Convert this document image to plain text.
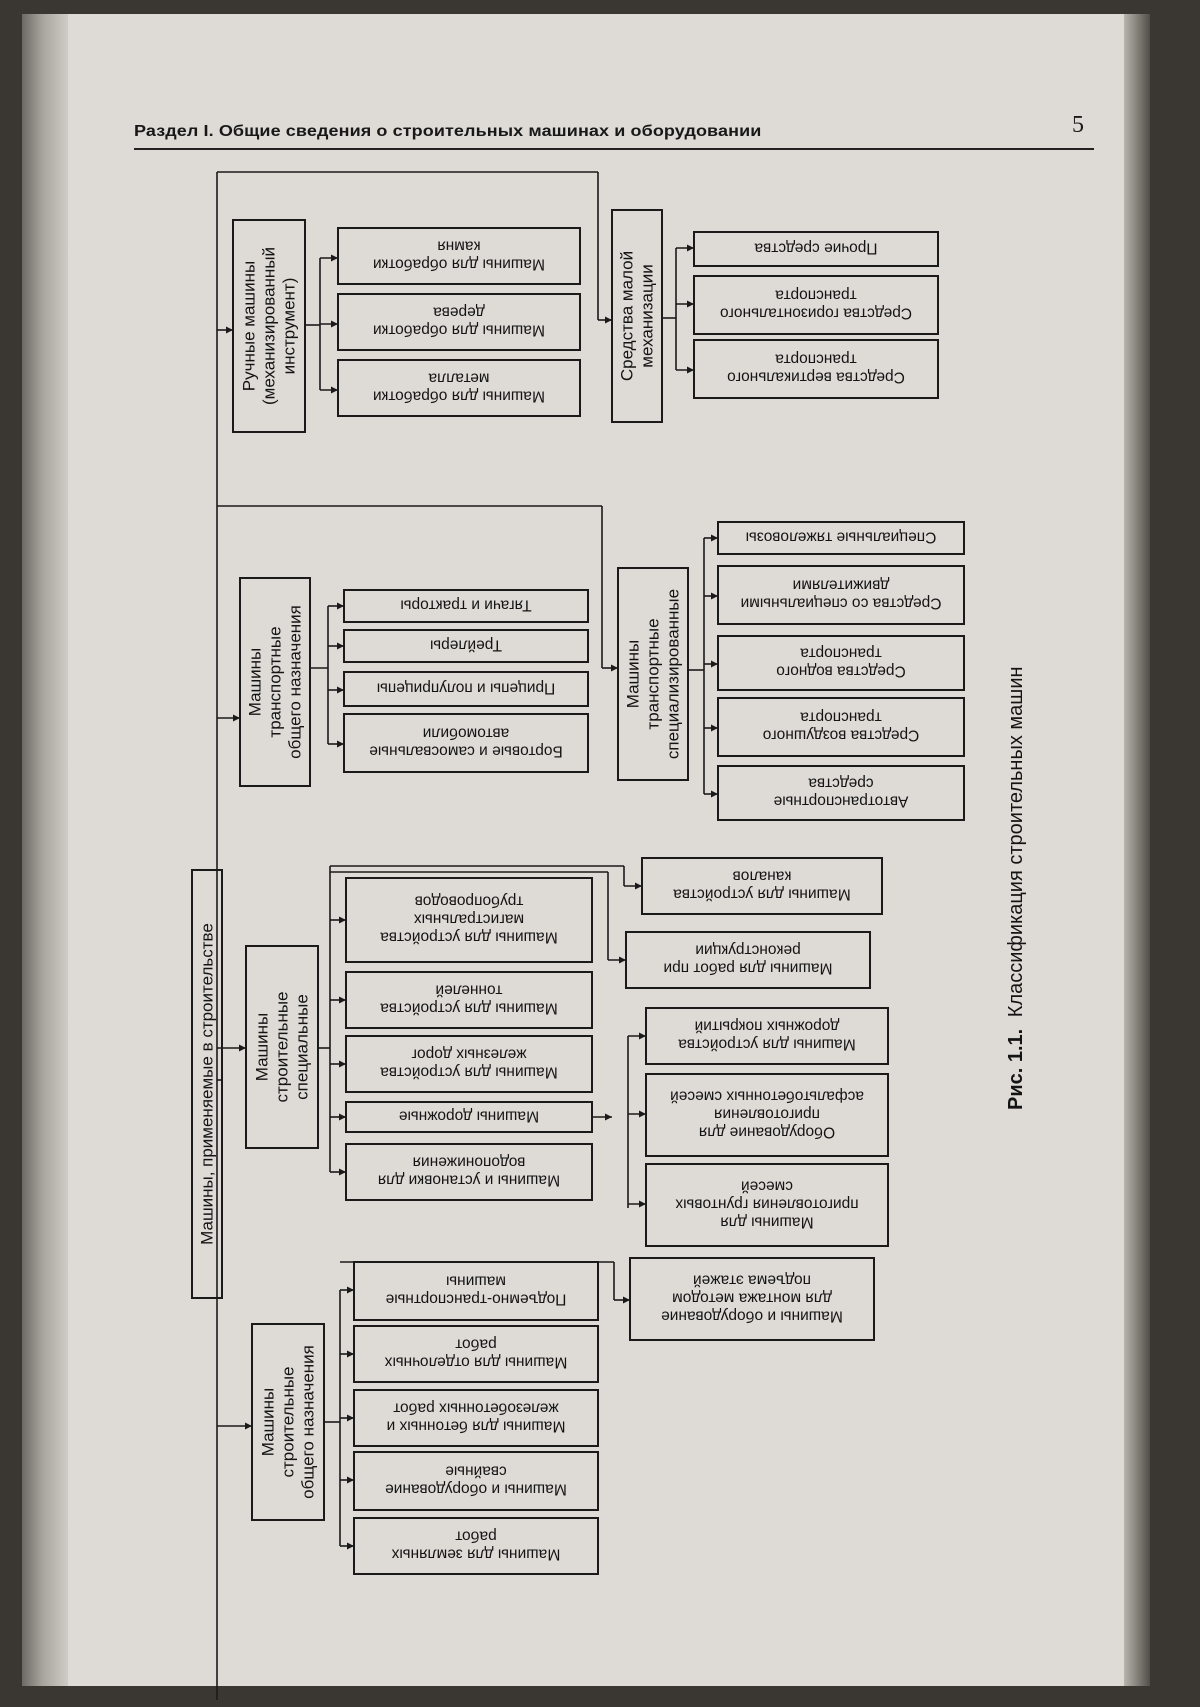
Раздел I. Общие сведения о строительных машинах и оборудовании	5

Машины, применяемые в строительстве
Ручные машины(механизированныйинструмент)
Машины для обработкикамня
Машины для обработкидерева
Машины для обработкиметалла	Средства малоймеханизации
Прочие средства
Средства горизонтальноготранспорта
Средства вертикальноготранспорта
Машинытранспортныеобщего назначения
Тягачи и тракторы
Трейлеры
Прицепы и полуприцепы
Бортовые и самосвальныеавтомобили
Машинытранспортныеспециализированные
Специальные тяжеловозы
Средства со специальнымидвижителями
Средства водноготранспорта
Средства воздушноготранспорта
Автотранспортныесредства
Машиныстроительныеспециальные
Машины для устройствамагистральныхтрубопроводов
Машины для устройстватоннелей
Машины для устройстважелезных дорог
Машины дорожные
Машины и установки дляводопонижения
Машины для устройстваканалов
Машины для работ приреконструкции
Машины для устройствадорожных покрытий
Оборудование дляприготовленияасфальтобетонных смесей
Машины дляприготовления грунтовыхсмесей
Машиныстроительныеобщего назначения
Подъемно-транспортныемашины
Машины для отделочныхработ
Машины для бетонных ижелезобетонных работ
Машины и оборудованиесвайные
Машины для земляныхработ
Машины и оборудованиедля монтажа методомподъема этажей
Рис. 1.1. Классификация строительных машин
